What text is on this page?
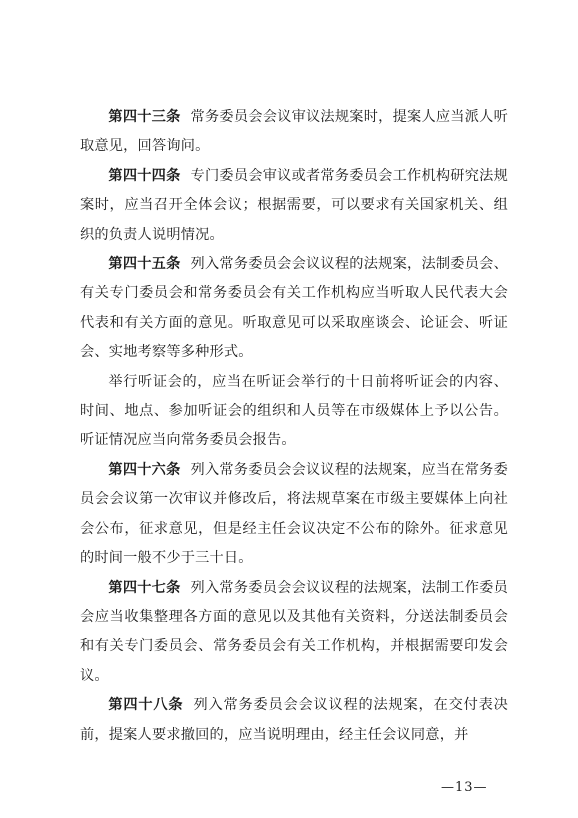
第四十三条 常务委员会会议审议法规案时，提案人应当派人听取意见，回答询问。

第四十四条 专门委员会审议或者常务委员会工作机构研究法规案时，应当召开全体会议；根据需要，可以要求有关国家机关、组织的负责人说明情况。

第四十五条 列入常务委员会会议议程的法规案，法制委员会、有关专门委员会和常务委员会有关工作机构应当听取人民代表大会代表和有关方面的意见。听取意见可以采取座谈会、论证会、听证会、实地考察等多种形式。

举行听证会的，应当在听证会举行的十日前将听证会的内容、时间、地点、参加听证会的组织和人员等在市级媒体上予以公告。听证情况应当向常务委员会报告。

第四十六条 列入常务委员会会议议程的法规案，应当在常务委员会会议第一次审议并修改后，将法规草案在市级主要媒体上向社会公布，征求意见，但是经主任会议决定不公布的除外。征求意见的时间一般不少于三十日。

第四十七条 列入常务委员会会议议程的法规案，法制工作委员会应当收集整理各方面的意见以及其他有关资料，分送法制委员会和有关专门委员会、常务委员会有关工作机构，并根据需要印发会议。

第四十八条 列入常务委员会会议议程的法规案，在交付表决前，提案人要求撤回的，应当说明理由，经主任会议同意，并

—13—
